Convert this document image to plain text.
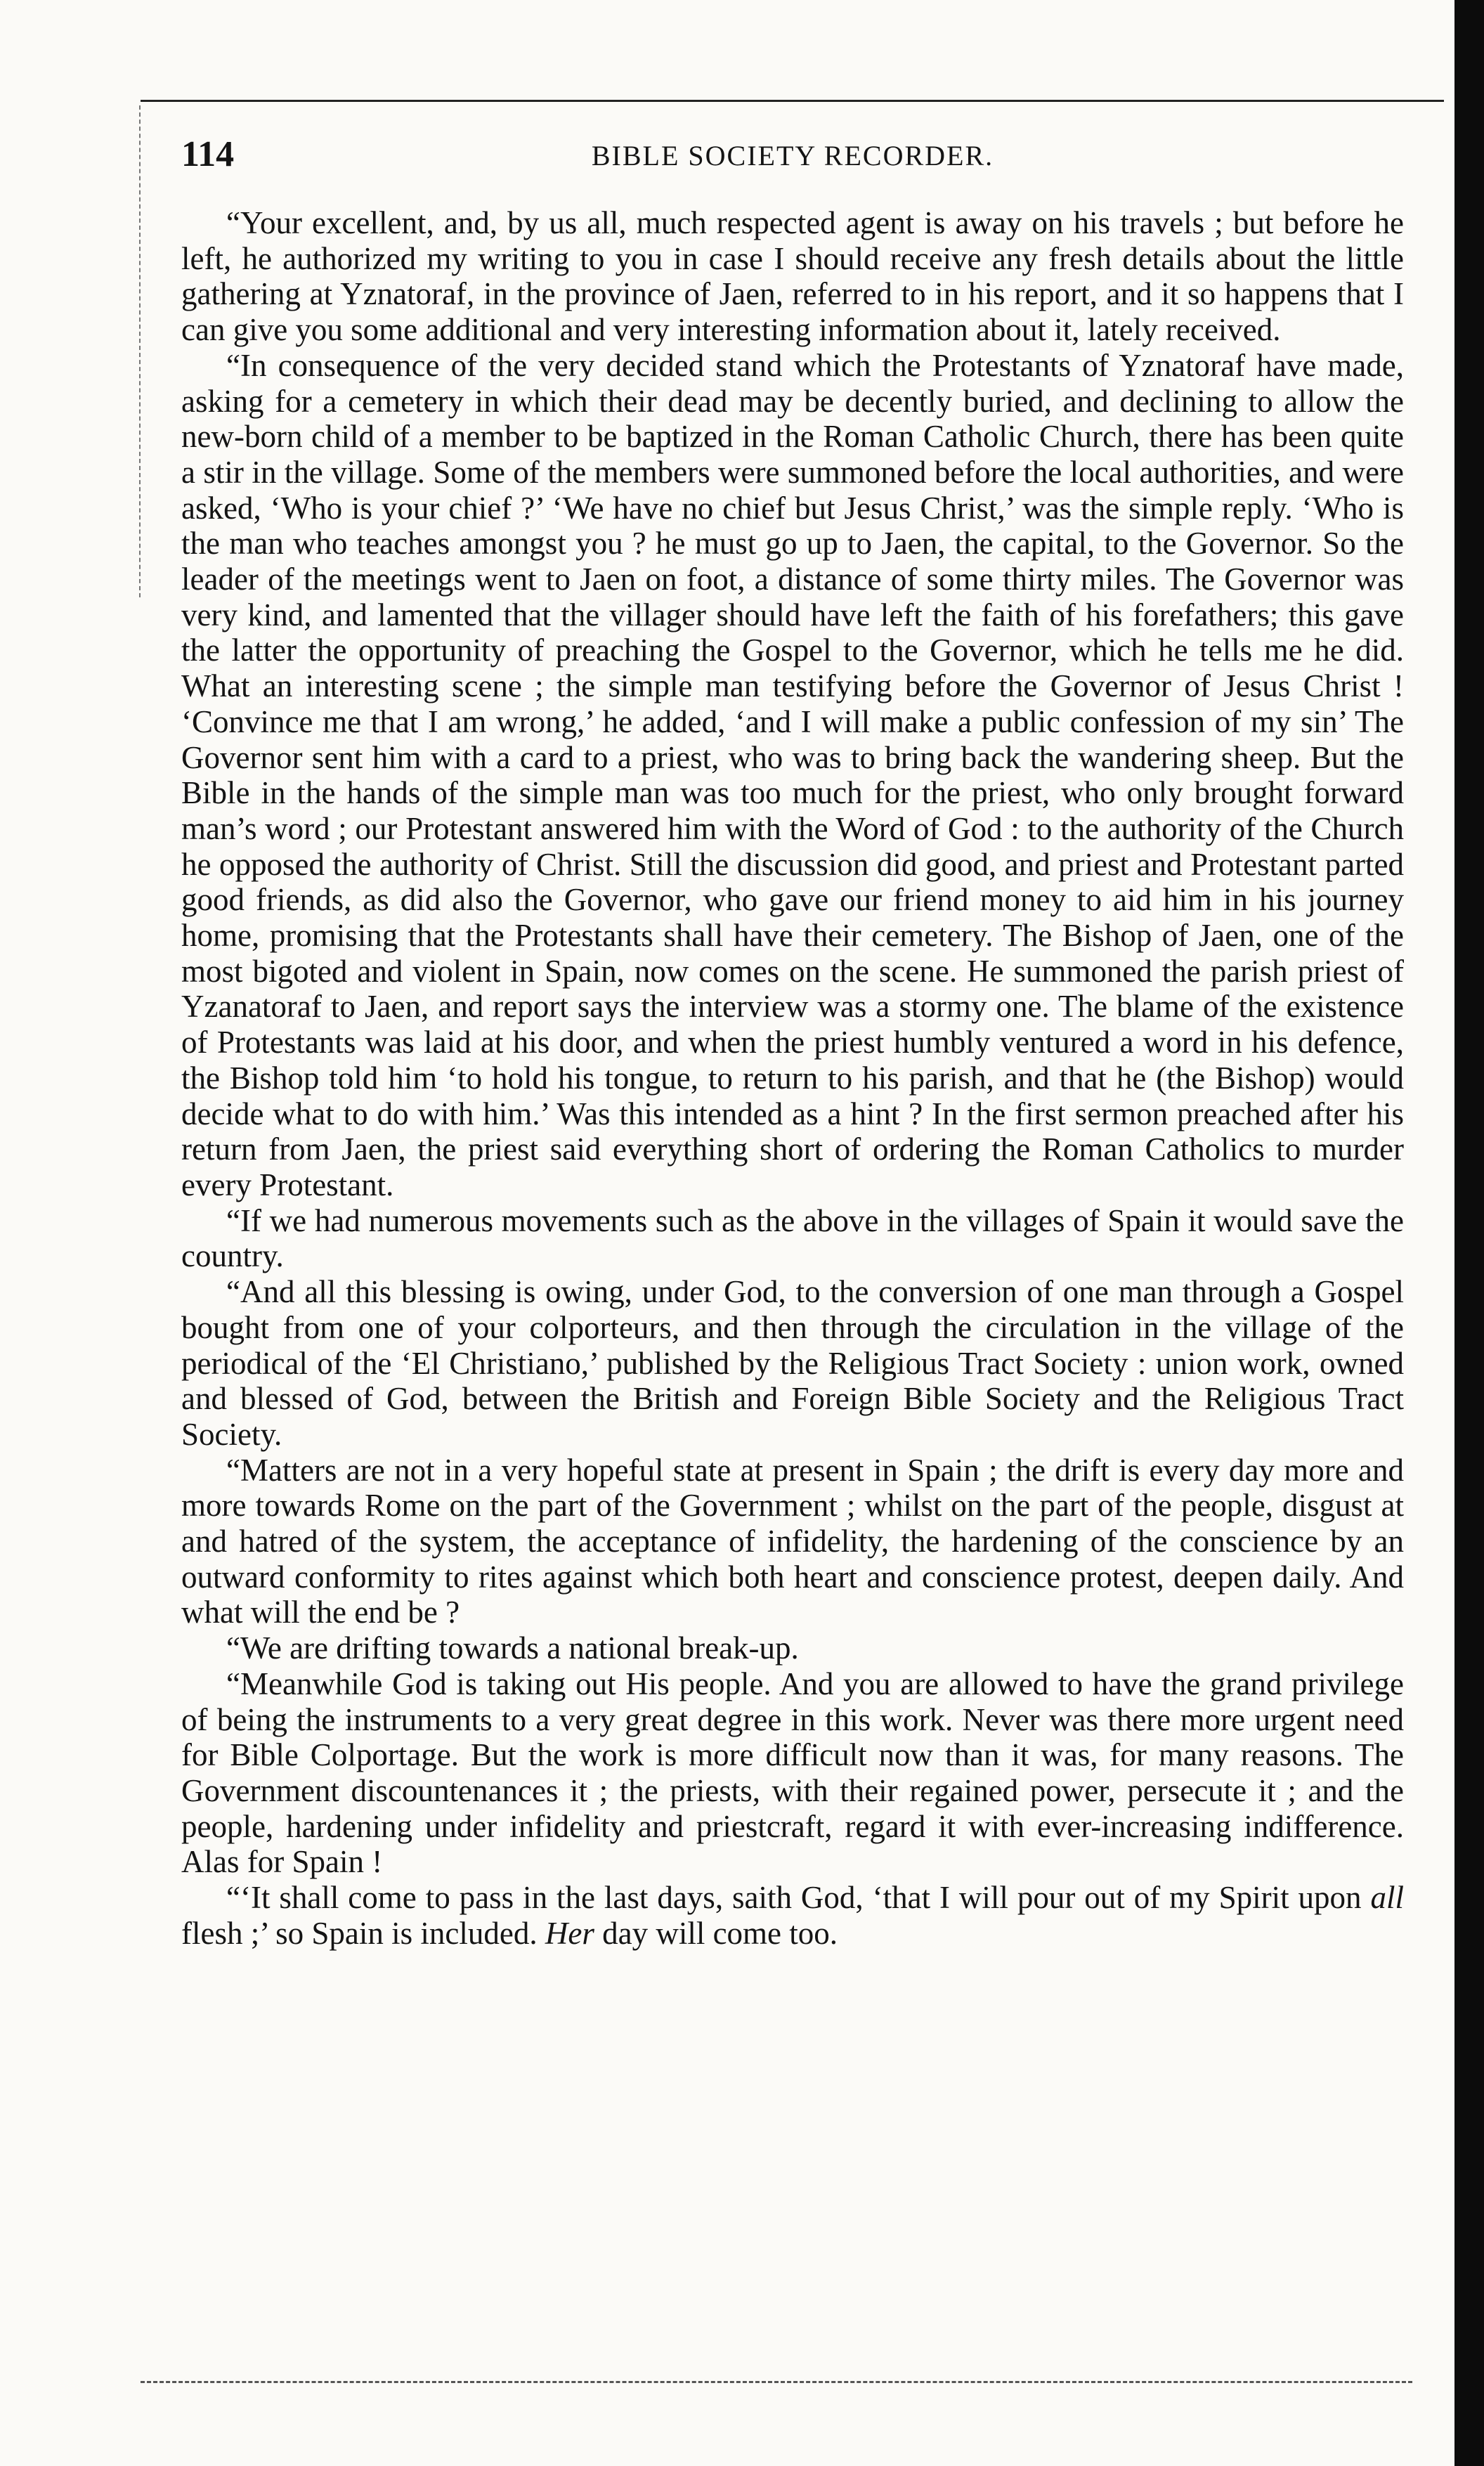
114	BIBLE SOCIETY RECORDER.

“Your excellent, and, by us all, much respected agent is away on his travels ; but before he left, he authorized my writing to you in case I should receive any fresh details about the little gathering at Yznatoraf, in the province of Jaen, referred to in his report, and it so happens that I can give you some additional and very interesting information about it, lately received.

“In consequence of the very decided stand which the Protestants of Yznatoraf have made, asking for a cemetery in which their dead may be decently buried, and declining to allow the new-born child of a member to be baptized in the Roman Catholic Church, there has been quite a stir in the village. Some of the members were summoned before the local authorities, and were asked, ‘Who is your chief ?’ ‘We have no chief but Jesus Christ,’ was the simple reply. ‘Who is the man who teaches amongst you ? he must go up to Jaen, the capital, to the Governor. So the leader of the meetings went to Jaen on foot, a distance of some thirty miles. The Governor was very kind, and lamented that the villager should have left the faith of his forefathers; this gave the latter the opportunity of preaching the Gospel to the Governor, which he tells me he did. What an interesting scene ; the simple man testifying before the Governor of Jesus Christ ! ‘Convince me that I am wrong,’ he added, ‘and I will make a public confession of my sin’ The Governor sent him with a card to a priest, who was to bring back the wandering sheep. But the Bible in the hands of the simple man was too much for the priest, who only brought forward man’s word ; our Protestant answered him with the Word of God : to the authority of the Church he opposed the authority of Christ. Still the discussion did good, and priest and Protestant parted good friends, as did also the Governor, who gave our friend money to aid him in his journey home, promising that the Protestants shall have their cemetery. The Bishop of Jaen, one of the most bigoted and violent in Spain, now comes on the scene. He summoned the parish priest of Yzanatoraf to Jaen, and report says the interview was a stormy one. The blame of the existence of Protestants was laid at his door, and when the priest humbly ventured a word in his defence, the Bishop told him ‘to hold his tongue, to return to his parish, and that he (the Bishop) would decide what to do with him.’ Was this intended as a hint ? In the first sermon preached after his return from Jaen, the priest said everything short of ordering the Roman Catholics to murder every Protestant.

“If we had numerous movements such as the above in the villages of Spain it would save the country.

“And all this blessing is owing, under God, to the conversion of one man through a Gospel bought from one of your colporteurs, and then through the circulation in the village of the periodical of the ‘El Christiano,’ published by the Religious Tract Society : union work, owned and blessed of God, between the British and Foreign Bible Society and the Religious Tract Society.

“Matters are not in a very hopeful state at present in Spain ; the drift is every day more and more towards Rome on the part of the Government ; whilst on the part of the people, disgust at and hatred of the system, the acceptance of infidelity, the hardening of the conscience by an outward conformity to rites against which both heart and conscience protest, deepen daily. And what will the end be ?

“We are drifting towards a national break-up.

“Meanwhile God is taking out His people. And you are allowed to have the grand privilege of being the instruments to a very great degree in this work. Never was there more urgent need for Bible Colportage. But the work is more difficult now than it was, for many reasons. The Government discountenances it ; the priests, with their regained power, persecute it ; and the people, hardening under infidelity and priestcraft, regard it with ever-increasing indifference. Alas for Spain !

“‘It shall come to pass in the last days, saith God, ‘that I will pour out of my Spirit upon all flesh ;’ so Spain is included. Her day will come too.
